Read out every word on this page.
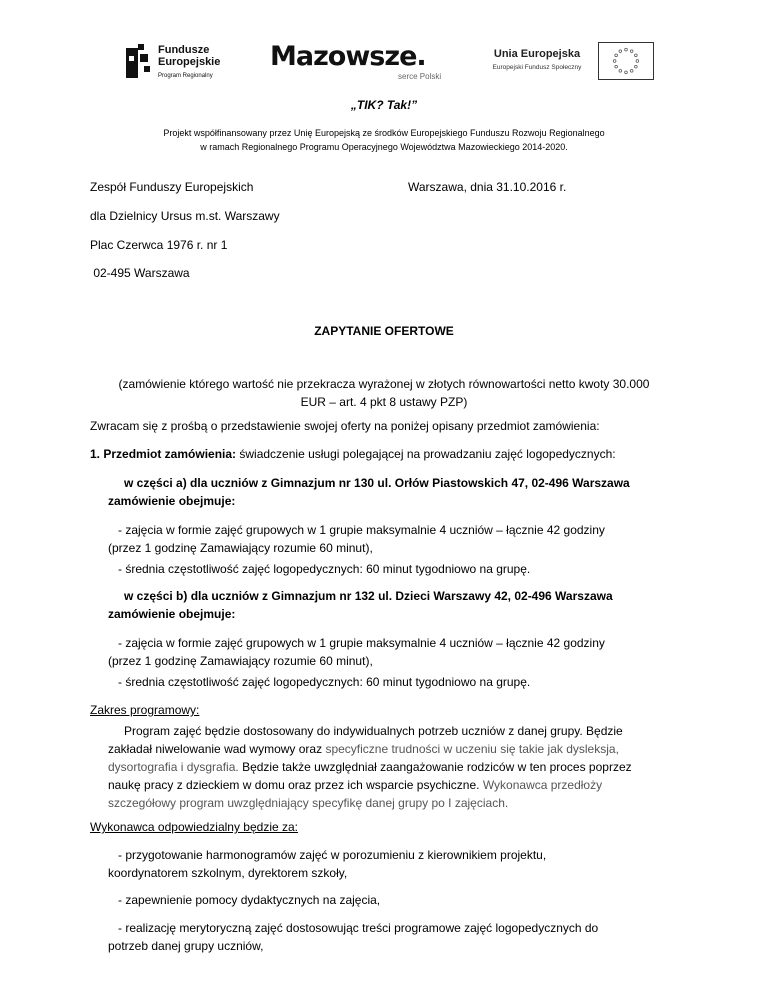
Fundusze
Europejskie
Program Regionalny
Mazowsze.
serce Polski
Unia Europejska
Europejski Fundusz Społeczny
„TIK? Tak!”
Projekt współfinansowany przez Unię Europejską ze środków Europejskiego Funduszu Rozwoju Regionalnego
w ramach Regionalnego Programu Operacyjnego Województwa Mazowieckiego 2014-2020.
Zespół Funduszy Europejskich	Warszawa, dnia 31.10.2016 r.
dla Dzielnicy Ursus m.st. Warszawy
Plac Czerwca 1976 r. nr 1
02-495 Warszawa
ZAPYTANIE OFERTOWE
(zamówienie którego wartość nie przekracza wyrażonej w złotych równowartości netto kwoty 30.000
EUR – art. 4 pkt 8 ustawy PZP)
Zwracam się z prośbą o przedstawienie swojej oferty na poniżej opisany przedmiot zamówienia:
1. Przedmiot zamówienia: świadczenie usługi polegającej na prowadzaniu zajęć logopedycznych:
w części a) dla uczniów z Gimnazjum nr 130 ul. Orłów Piastowskich 47, 02-496 Warszawa
zamówienie obejmuje:
- zajęcia w formie zajęć grupowych w 1 grupie maksymalnie 4 uczniów – łącznie 42 godziny
(przez 1 godzinę Zamawiający rozumie 60 minut),
- średnia częstotliwość zajęć logopedycznych: 60 minut tygodniowo na grupę.
w części b) dla uczniów z Gimnazjum nr 132 ul. Dzieci Warszawy 42, 02-496 Warszawa
zamówienie obejmuje:
- zajęcia w formie zajęć grupowych w 1 grupie maksymalnie 4 uczniów – łącznie 42 godziny
(przez 1 godzinę Zamawiający rozumie 60 minut),
- średnia częstotliwość zajęć logopedycznych: 60 minut tygodniowo na grupę.
Zakres programowy:
Program zajęć będzie dostosowany do indywidualnych potrzeb uczniów z danej grupy. Będzie
zakładał niwelowanie wad wymowy oraz specyficzne trudności w uczeniu się takie jak dysleksja,
dysortografia i dysgrafia. Będzie także uwzględniał zaangażowanie rodziców w ten proces poprzez
naukę pracy z dzieckiem w domu oraz przez ich wsparcie psychiczne. Wykonawca przedłoży
szczegółowy program uwzględniający specyfikę danej grupy po I zajęciach.
Wykonawca odpowiedzialny będzie za:
- przygotowanie harmonogramów zajęć w porozumieniu z kierownikiem projektu,
koordynatorem szkolnym, dyrektorem szkoły,
- zapewnienie pomocy dydaktycznych na zajęcia,
- realizację merytoryczną zajęć dostosowując treści programowe zajęć logopedycznych do
potrzeb danej grupy uczniów,
